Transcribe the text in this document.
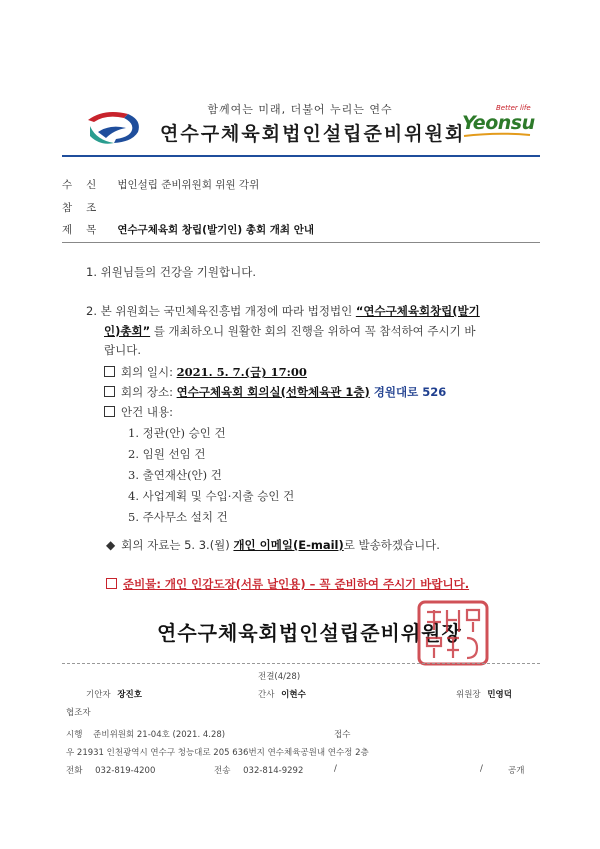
함께여는 미래, 더불어 누리는 연수
연수구체육회법인설립준비위원회
Better life
Yeonsu
수신 법인설립 준비위원회 위원 각위
참조
제목 연수구체육회 창립(발기인) 총회 개최 안내
1. 위원님들의 건강을 기원합니다.
2. 본 위원회는 국민체육진흥법 개정에 따라 법정법인 “연수구체육회창립(발기
인)총회” 를 개최하오니 원활한 회의 진행을 위하여 꼭 참석하여 주시기 바
랍니다.
회의 일시: 2021. 5. 7.(금) 17:00
회의 장소: 연수구체육회 회의실(선학체육관 1층) 경원대로 526
안건 내용:
1. 정관(안) 승인 건
2. 임원 선임 건
3. 출연재산(안) 건
4. 사업계획 및 수입·지출 승인 건
5. 주사무소 설치 건
◆ 회의 자료는 5. 3.(월) 개인 이메일(E-mail)로 발송하겠습니다.
준비물: 개인 인감도장(서류 날인용) – 꼭 준비하여 주시기 바랍니다.
연수구체육회법인설립준비위원장
전결(4/28)
기안자 장진호	간사 이현수	위원장 민영덕
협조자
시행 준비위원회 21-04호 (2021. 4.28)	접수
우 21931 인천광역시 연수구 청능대로 205 636번지 연수체육공원내 연수정 2층
전화 032-819-4200	전송 032-814-9292	/	/	공개
